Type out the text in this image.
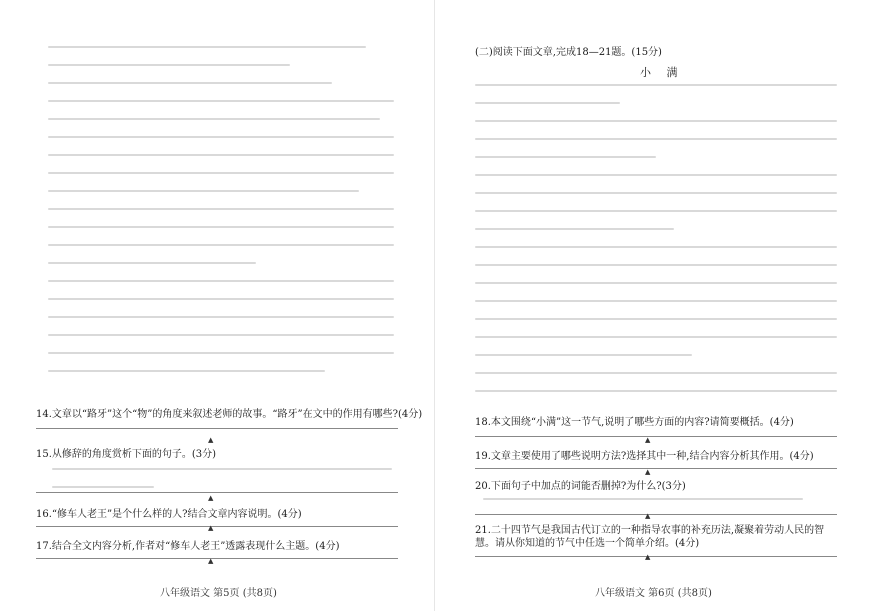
14.文章以“路牙”这个“物”的角度来叙述老师的故事。“路牙”在文中的作用有哪些?(4分)
▲
15.从修辞的角度赏析下面的句子。(3分)
▲
16.“修车人老王”是个什么样的人?结合文章内容说明。(4分)
▲
17.结合全文内容分析,作者对“修车人老王”透露表现什么主题。(4分)
▲
八年级语文 第5页 (共8页)
(二)阅读下面文章,完成18—21题。(15分)
小 满
18.本文围绕“小满”这一节气,说明了哪些方面的内容?请简要概括。(4分)
▲
19.文章主要使用了哪些说明方法?选择其中一种,结合内容分析其作用。(4分)
▲
20.下面句子中加点的词能否删掉?为什么?(3分)
▲
21.二十四节气是我国古代订立的一种指导农事的补充历法,凝聚着劳动人民的智慧。请从你知道的节气中任选一个简单介绍。(4分)
▲
八年级语文 第6页 (共8页)
